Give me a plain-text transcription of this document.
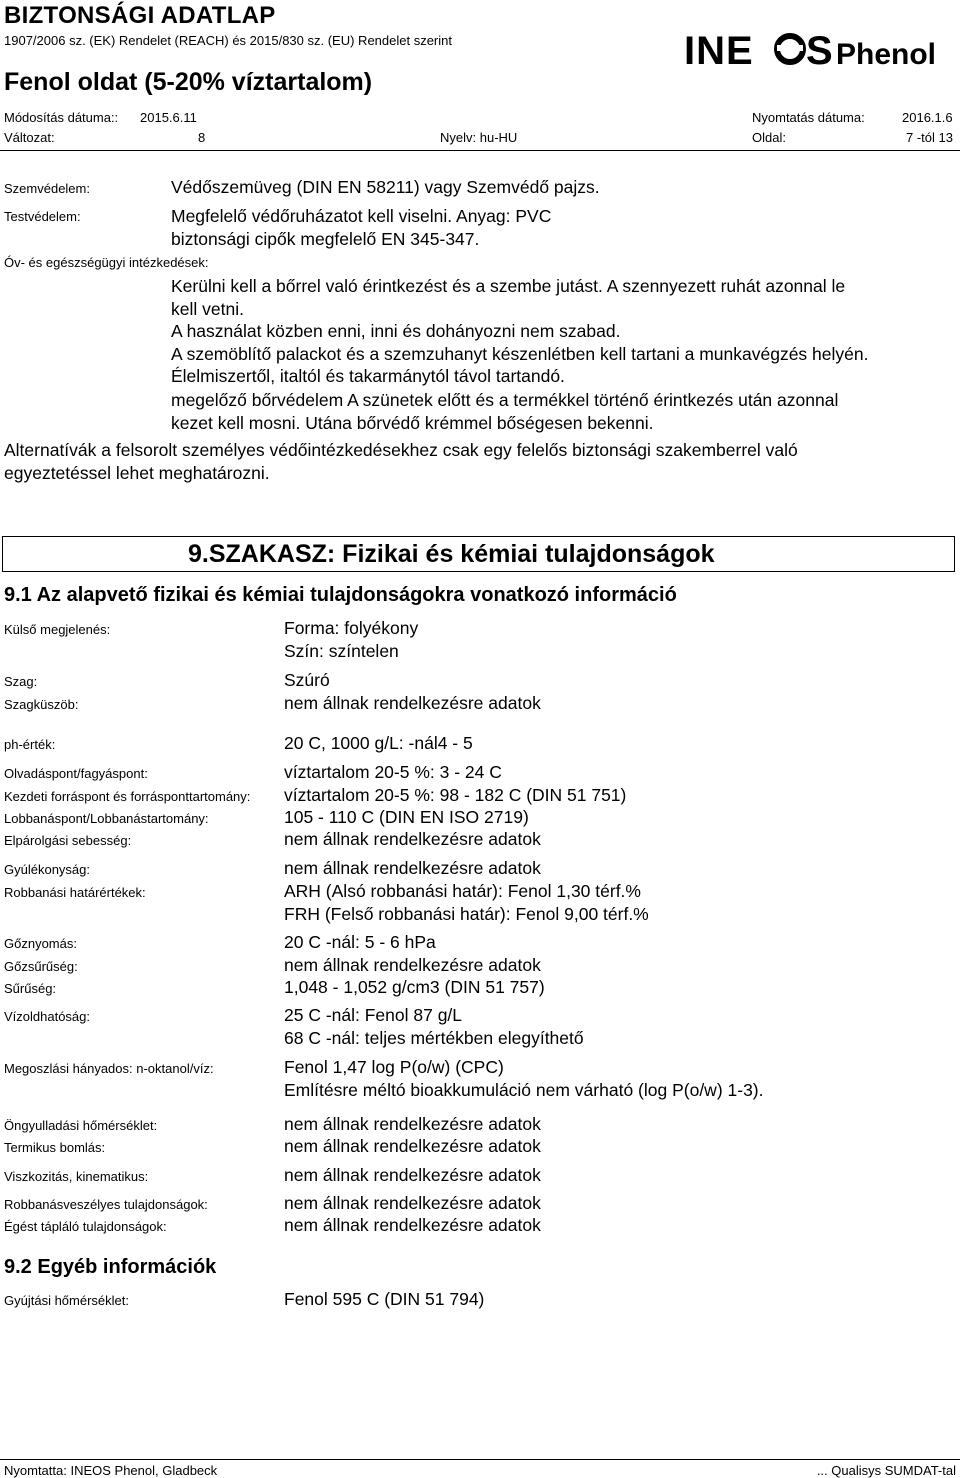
BIZTONSÁGI ADATLAP
1907/2006 sz. (EK) Rendelet (REACH) és 2015/830 sz. (EU) Rendelet szerint
Fenol oldat (5-20% víztartalom)
INE S Phenol
Módosítás dátuma:: 2015.6.11	Nyomtatás dátuma:	2016.1.6
Változat:	8	Nyelv: hu-HU	Oldal:	7 -tól 13
Szemvédelem:	Védőszemüveg (DIN EN 58211) vagy Szemvédő pajzs.
Testvédelem:	Megfelelő védőruházatot kell viselni. Anyag: PVC
biztonsági cipők megfelelő EN 345-347.
Óv- és egészségügyi intézkedések:
Kerülni kell a bőrrel való érintkezést és a szembe jutást. A szennyezett ruhát azonnal le
kell vetni.
A használat közben enni, inni és dohányozni nem szabad.
A szemöblítő palackot és a szemzuhanyt készenlétben kell tartani a munkavégzés helyén.
Élelmiszertől, italtól és takarmánytól távol tartandó.
megelőző bőrvédelem A szünetek előtt és a termékkel történő érintkezés után azonnal
kezet kell mosni. Utána bőrvédő krémmel bőségesen bekenni.
Alternatívák a felsorolt személyes védőintézkedésekhez csak egy felelős biztonsági szakemberrel való
egyeztetéssel lehet meghatározni.
9.SZAKASZ: Fizikai és kémiai tulajdonságok
9.1 Az alapvető fizikai és kémiai tulajdonságokra vonatkozó információ
Külső megjelenés:	Forma: folyékony
Szín: színtelen
Szag:	Szúró
Szagküszöb:	nem állnak rendelkezésre adatok
ph-érték:	20 C, 1000 g/L: -nál4 - 5
Olvadáspont/fagyáspont:	víztartalom 20-5 %: 3 - 24 C
Kezdeti forráspont és forrásponttartomány: víztartalom 20-5 %: 98 - 182 C (DIN 51 751)
Lobbanáspont/Lobbanástartomány:	105 - 110 C (DIN EN ISO 2719)
Elpárolgási sebesség:	nem állnak rendelkezésre adatok
Gyúlékonyság:	nem állnak rendelkezésre adatok
Robbanási határértékek:	ARH (Alsó robbanási határ): Fenol 1,30 térf.%
FRH (Felső robbanási határ): Fenol 9,00 térf.%
Gőznyomás:	20 C -nál: 5 - 6 hPa
Gőzsűrűség:	nem állnak rendelkezésre adatok
Sűrűség:	1,048 - 1,052 g/cm3 (DIN 51 757)
Vízoldhatóság:	25 C -nál: Fenol 87 g/L
68 C -nál: teljes mértékben elegyíthető
Megoszlási hányados: n-oktanol/víz:	Fenol 1,47 log P(o/w) (CPC)
Említésre méltó bioakkumuláció nem várható (log P(o/w) 1-3).
Öngyulladási hőmérséklet:	nem állnak rendelkezésre adatok
Termikus bomlás:	nem állnak rendelkezésre adatok
Viszkozitás, kinematikus:	nem állnak rendelkezésre adatok
Robbanásveszélyes tulajdonságok:	nem állnak rendelkezésre adatok
Égést tápláló tulajdonságok:	nem állnak rendelkezésre adatok
9.2 Egyéb információk
Gyújtási hőmérséklet:	Fenol 595 C (DIN 51 794)
Nyomtatta: INEOS Phenol, Gladbeck	... Qualisys SUMDAT-tal
